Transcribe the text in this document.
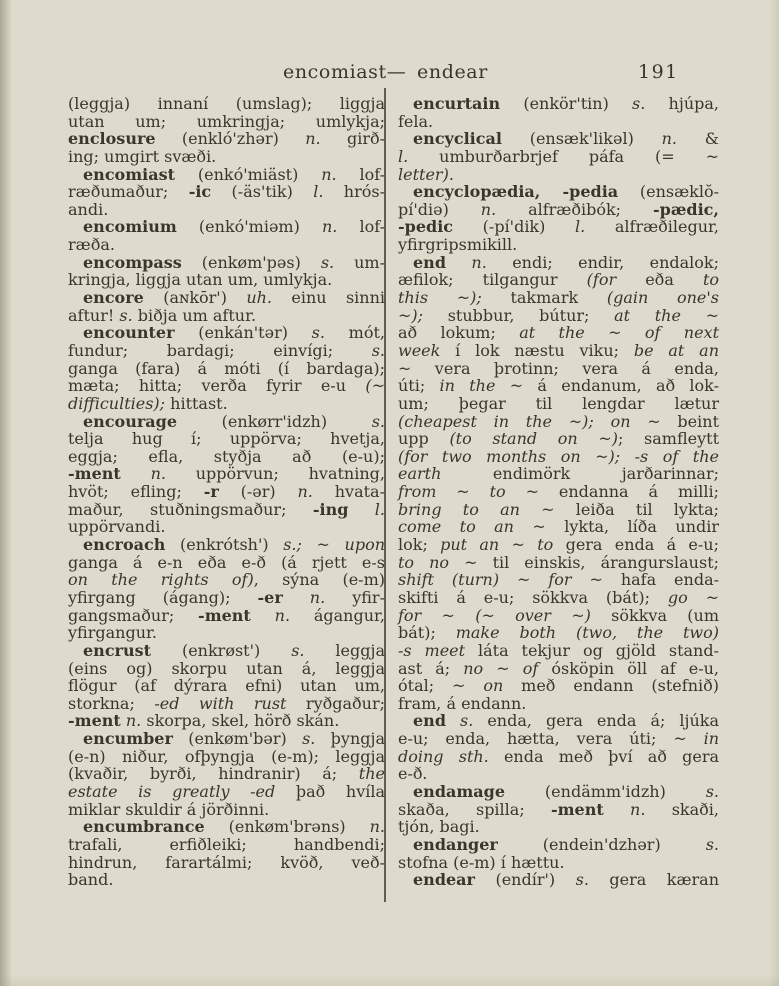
encomiast— endear	191
(leggja) innaní (umslag); liggja
utan um; umkringja; umlykja;
enclosure (enkló'zhər) n. girð-
ing; umgirt svæði.
encomiast (enkó'miäst) n. lof-
ræðumaður; -ic (-äs'tik) l. hrós-
andi.
encomium (enkó'miəm) n. lof-
ræða.
encompass (enkøm'pəs) s. um-
kringja, liggja utan um, umlykja.
encore (aɴkōr') uh. einu sinni
aftur! s. biðja um aftur.
encounter (enkán'tər) s. mót,
fundur; bardagi; einvígi; s.
ganga (fara) á móti (í bardaga);
mæta; hitta; verða fyrir e-u (~
difficulties); hittast.
encourage (enkørr'idzh) s.
telja hug í; uppörva; hvetja,
eggja; efla, styðja að (e-u);
-ment n. uppörvun; hvatning,
hvöt; efling; -r (-ər) n. hvata-
maður, stuðningsmaður; -ing l.
uppörvandi.
encroach (enkrótsh') s.; ~ upon
ganga á e-n eða e-ð (á rjett e-s
on the rights of), sýna (e-m)
yfirgang (ágang); -er n. yfir-
gangsmaður; -ment n. ágangur,
yfirgangur.
encrust (enkrøst') s. leggja
(eins og) skorpu utan á, leggja
flögur (af dýrara efni) utan um,
storkna; -ed with rust ryðgaður;
-ment n. skorpa, skel, hörð skán.
encumber (enkøm'bər) s. þyngja
(e-n) niður, ofþyngja (e-m); leggja
(kvaðir, byrði, hindranir) á; the
estate is greatly -ed það hvíla
miklar skuldir á jörðinni.
encumbrance (enkøm'brəns) n.
trafali, erfiðleiki; handbendi;
hindrun, farartálmi; kvöð, veð-
band.
encurtain (enkör'tin) s. hjúpa,
fela.
encyclical (ensæk'likəl) n. &
l. umburðarbrjef páfa (= ~
letter).
encyclopædia, -pedia (ensæklŏ-
pí'diə) n. alfræðibók; -pædic,
-pedic (-pí'dik) l. alfræðilegur,
yfirgripsmikill.
end n. endi; endir, endalok;
æfilok; tilgangur (for eða to
this ~); takmark (gain one's
~); stubbur, bútur; at the ~
að lokum; at the ~ of next
week í lok næstu viku; be at an
~ vera þrotinn; vera á enda,
úti; in the ~ á endanum, að lok-
um; þegar til lengdar lætur
(cheapest in the ~); on ~ beint
upp (to stand on ~); samfleytt
(for two months on ~); -s of the
earth endimörk jarðarinnar;
from ~ to ~ endanna á milli;
bring to an ~ leiða til lykta;
come to an ~ lykta, líða undir
lok; put an ~ to gera enda á e-u;
to no ~ til einskis, árangurslaust;
shift (turn) ~ for ~ hafa enda-
skifti á e-u; sökkva (bát); go ~
for ~ (~ over ~) sökkva (um
bát); make both (two, the two)
-s meet láta tekjur og gjöld stand-
ast á; no ~ of ósköpin öll af e-u,
ótal; ~ on með endann (stefnið)
fram, á endann.
end s. enda, gera enda á; ljúka
e-u; enda, hætta, vera úti; ~ in
doing sth. enda með því að gera
e-ð.
endamage (endämm'idzh) s.
skaða, spilla; -ment n. skaði,
tjón, bagi.
endanger (endein'dzhər) s.
stofna (e-m) í hættu.
endear (endír') s. gera kæran
